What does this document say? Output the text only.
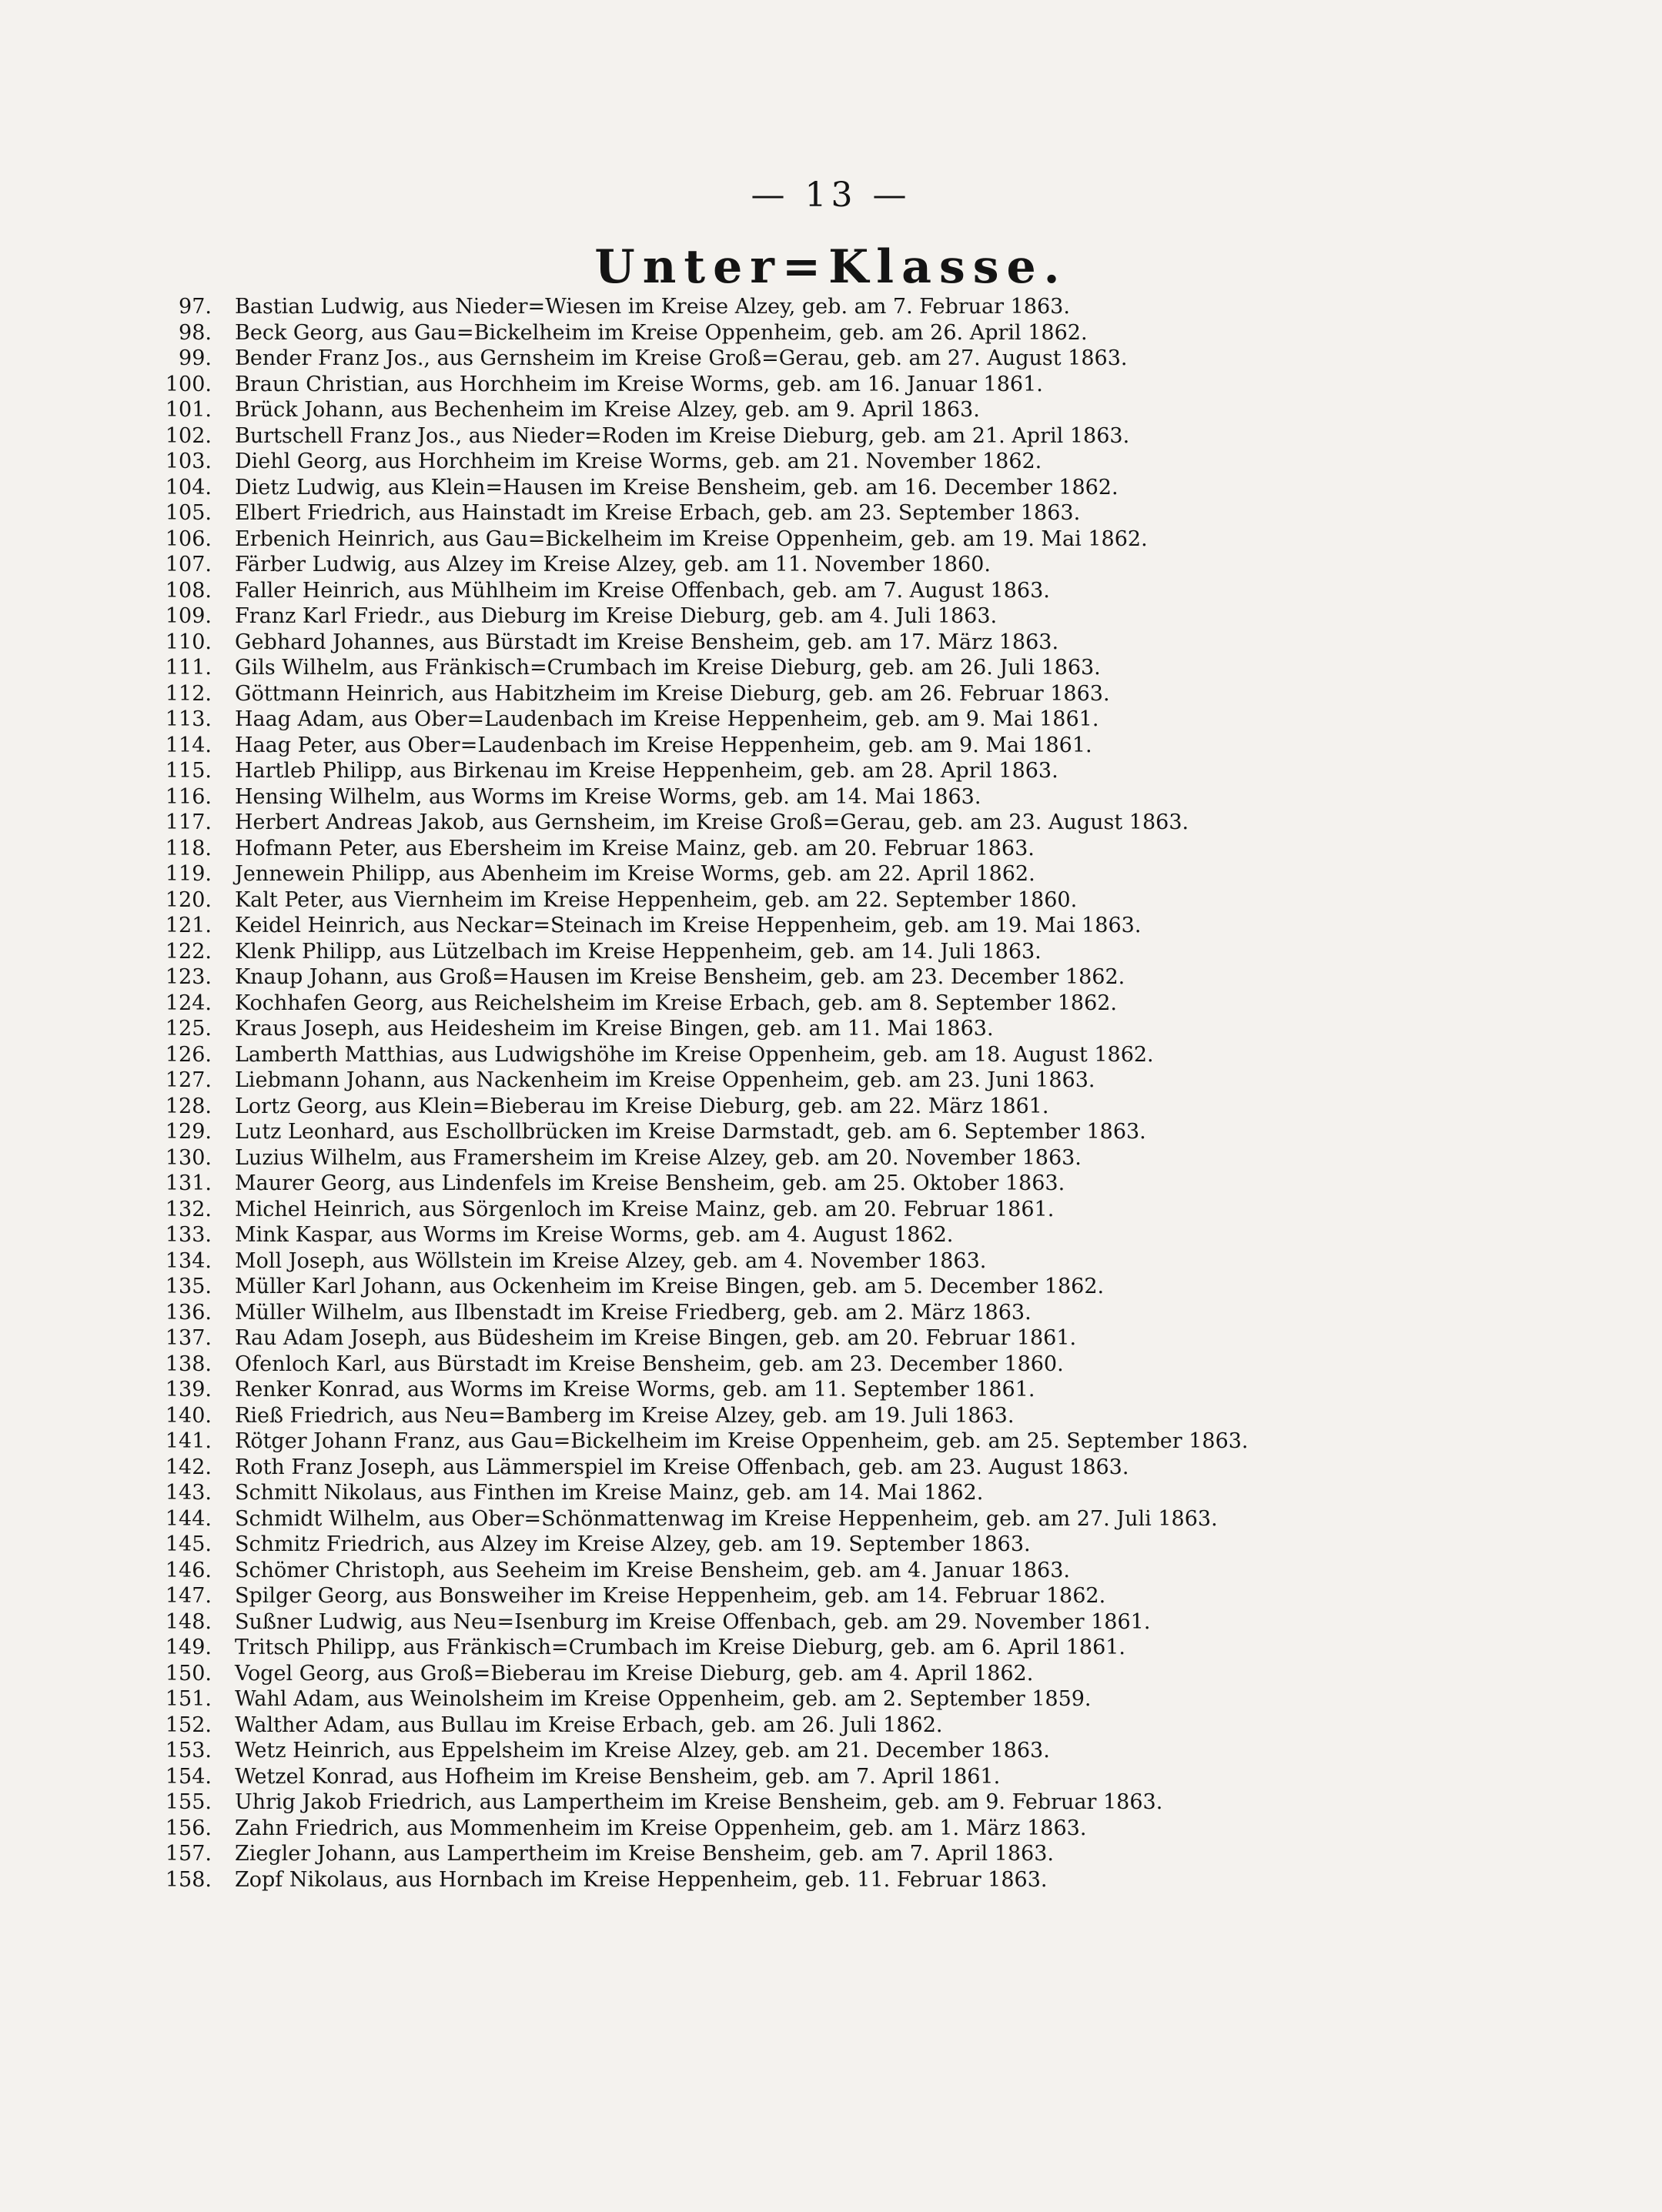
— 13 —
Unter=Klasse.
97. Bastian Ludwig, aus Nieder=Wiesen im Kreise Alzey, geb. am 7. Februar 1863.
98. Beck Georg, aus Gau=Bickelheim im Kreise Oppenheim, geb. am 26. April 1862.
99. Bender Franz Jos., aus Gernsheim im Kreise Groß=Gerau, geb. am 27. August 1863.
100. Braun Christian, aus Horchheim im Kreise Worms, geb. am 16. Januar 1861.
101. Brück Johann, aus Bechenheim im Kreise Alzey, geb. am 9. April 1863.
102. Burtschell Franz Jos., aus Nieder=Roden im Kreise Dieburg, geb. am 21. April 1863.
103. Diehl Georg, aus Horchheim im Kreise Worms, geb. am 21. November 1862.
104. Dietz Ludwig, aus Klein=Hausen im Kreise Bensheim, geb. am 16. December 1862.
105. Elbert Friedrich, aus Hainstadt im Kreise Erbach, geb. am 23. September 1863.
106. Erbenich Heinrich, aus Gau=Bickelheim im Kreise Oppenheim, geb. am 19. Mai 1862.
107. Färber Ludwig, aus Alzey im Kreise Alzey, geb. am 11. November 1860.
108. Faller Heinrich, aus Mühlheim im Kreise Offenbach, geb. am 7. August 1863.
109. Franz Karl Friedr., aus Dieburg im Kreise Dieburg, geb. am 4. Juli 1863.
110. Gebhard Johannes, aus Bürstadt im Kreise Bensheim, geb. am 17. März 1863.
111. Gils Wilhelm, aus Fränkisch=Crumbach im Kreise Dieburg, geb. am 26. Juli 1863.
112. Göttmann Heinrich, aus Habitzheim im Kreise Dieburg, geb. am 26. Februar 1863.
113. Haag Adam, aus Ober=Laudenbach im Kreise Heppenheim, geb. am 9. Mai 1861.
114. Haag Peter, aus Ober=Laudenbach im Kreise Heppenheim, geb. am 9. Mai 1861.
115. Hartleb Philipp, aus Birkenau im Kreise Heppenheim, geb. am 28. April 1863.
116. Hensing Wilhelm, aus Worms im Kreise Worms, geb. am 14. Mai 1863.
117. Herbert Andreas Jakob, aus Gernsheim, im Kreise Groß=Gerau, geb. am 23. August 1863.
118. Hofmann Peter, aus Ebersheim im Kreise Mainz, geb. am 20. Februar 1863.
119. Jennewein Philipp, aus Abenheim im Kreise Worms, geb. am 22. April 1862.
120. Kalt Peter, aus Viernheim im Kreise Heppenheim, geb. am 22. September 1860.
121. Keidel Heinrich, aus Neckar=Steinach im Kreise Heppenheim, geb. am 19. Mai 1863.
122. Klenk Philipp, aus Lützelbach im Kreise Heppenheim, geb. am 14. Juli 1863.
123. Knaup Johann, aus Groß=Hausen im Kreise Bensheim, geb. am 23. December 1862.
124. Kochhafen Georg, aus Reichelsheim im Kreise Erbach, geb. am 8. September 1862.
125. Kraus Joseph, aus Heidesheim im Kreise Bingen, geb. am 11. Mai 1863.
126. Lamberth Matthias, aus Ludwigshöhe im Kreise Oppenheim, geb. am 18. August 1862.
127. Liebmann Johann, aus Nackenheim im Kreise Oppenheim, geb. am 23. Juni 1863.
128. Lortz Georg, aus Klein=Bieberau im Kreise Dieburg, geb. am 22. März 1861.
129. Lutz Leonhard, aus Eschollbrücken im Kreise Darmstadt, geb. am 6. September 1863.
130. Luzius Wilhelm, aus Framersheim im Kreise Alzey, geb. am 20. November 1863.
131. Maurer Georg, aus Lindenfels im Kreise Bensheim, geb. am 25. Oktober 1863.
132. Michel Heinrich, aus Sörgenloch im Kreise Mainz, geb. am 20. Februar 1861.
133. Mink Kaspar, aus Worms im Kreise Worms, geb. am 4. August 1862.
134. Moll Joseph, aus Wöllstein im Kreise Alzey, geb. am 4. November 1863.
135. Müller Karl Johann, aus Ockenheim im Kreise Bingen, geb. am 5. December 1862.
136. Müller Wilhelm, aus Ilbenstadt im Kreise Friedberg, geb. am 2. März 1863.
137. Rau Adam Joseph, aus Büdesheim im Kreise Bingen, geb. am 20. Februar 1861.
138. Ofenloch Karl, aus Bürstadt im Kreise Bensheim, geb. am 23. December 1860.
139. Renker Konrad, aus Worms im Kreise Worms, geb. am 11. September 1861.
140. Rieß Friedrich, aus Neu=Bamberg im Kreise Alzey, geb. am 19. Juli 1863.
141. Rötger Johann Franz, aus Gau=Bickelheim im Kreise Oppenheim, geb. am 25. September 1863.
142. Roth Franz Joseph, aus Lämmerspiel im Kreise Offenbach, geb. am 23. August 1863.
143. Schmitt Nikolaus, aus Finthen im Kreise Mainz, geb. am 14. Mai 1862.
144. Schmidt Wilhelm, aus Ober=Schönmattenwag im Kreise Heppenheim, geb. am 27. Juli 1863.
145. Schmitz Friedrich, aus Alzey im Kreise Alzey, geb. am 19. September 1863.
146. Schömer Christoph, aus Seeheim im Kreise Bensheim, geb. am 4. Januar 1863.
147. Spilger Georg, aus Bonsweiher im Kreise Heppenheim, geb. am 14. Februar 1862.
148. Sußner Ludwig, aus Neu=Isenburg im Kreise Offenbach, geb. am 29. November 1861.
149. Tritsch Philipp, aus Fränkisch=Crumbach im Kreise Dieburg, geb. am 6. April 1861.
150. Vogel Georg, aus Groß=Bieberau im Kreise Dieburg, geb. am 4. April 1862.
151. Wahl Adam, aus Weinolsheim im Kreise Oppenheim, geb. am 2. September 1859.
152. Walther Adam, aus Bullau im Kreise Erbach, geb. am 26. Juli 1862.
153. Wetz Heinrich, aus Eppelsheim im Kreise Alzey, geb. am 21. December 1863.
154. Wetzel Konrad, aus Hofheim im Kreise Bensheim, geb. am 7. April 1861.
155. Uhrig Jakob Friedrich, aus Lampertheim im Kreise Bensheim, geb. am 9. Februar 1863.
156. Zahn Friedrich, aus Mommenheim im Kreise Oppenheim, geb. am 1. März 1863.
157. Ziegler Johann, aus Lampertheim im Kreise Bensheim, geb. am 7. April 1863.
158. Zopf Nikolaus, aus Hornbach im Kreise Heppenheim, geb. 11. Februar 1863.
